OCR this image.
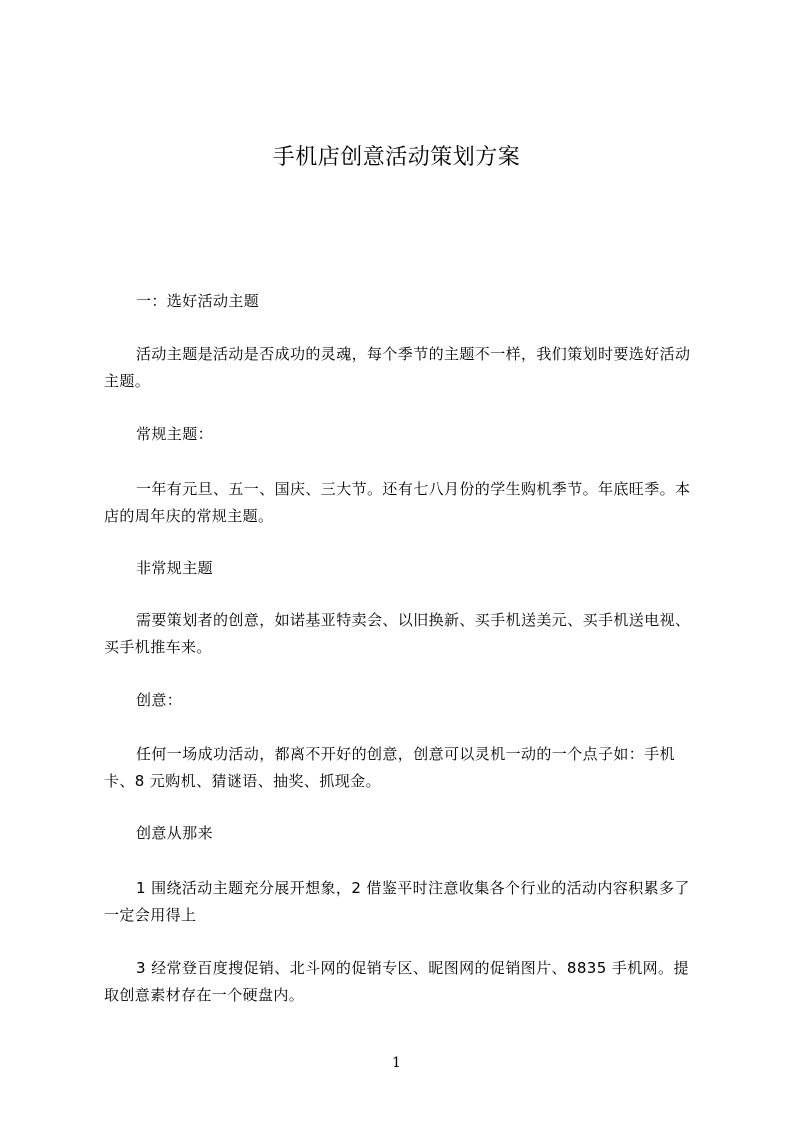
手机店创意活动策划方案
一：选好活动主题
活动主题是活动是否成功的灵魂，每个季节的主题不一样，我们策划时要选好活动主题。
常规主题：
一年有元旦、五一、国庆、三大节。还有七八月份的学生购机季节。年底旺季。本店的周年庆的常规主题。
非常规主题
需要策划者的创意，如诺基亚特卖会、以旧换新、买手机送美元、买手机送电视、买手机推车来。
创意：
任何一场成功活动，都离不开好的创意，创意可以灵机一动的一个点子如：手机卡、8 元购机、猜谜语、抽奖、抓现金。
创意从那来
1 围绕活动主题充分展开想象，2 借鉴平时注意收集各个行业的活动内容积累多了一定会用得上
3 经常登百度搜促销、北斗网的促销专区、昵图网的促销图片、8835 手机网。提取创意素材存在一个硬盘内。
1
